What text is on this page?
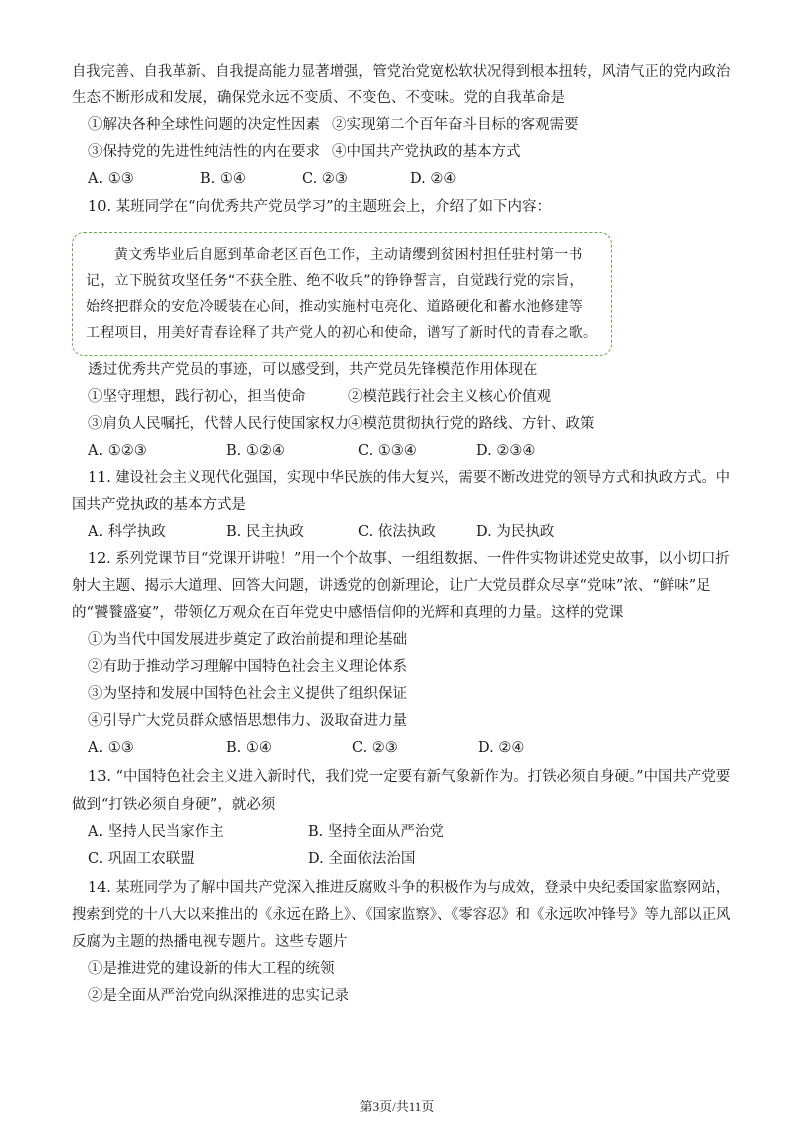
自我完善、自我革新、自我提高能力显著增强，管党治党宽松软状况得到根本扭转，风清气正的党内政治
生态不断形成和发展，确保党永远不变质、不变色、不变味。党的自我革命是
①解决各种全球性问题的决定性因素 ②实现第二个百年奋斗目标的客观需要
③保持党的先进性纯洁性的内在要求 ④中国共产党执政的基本方式
A. ①③	B. ①④	C. ②③	D. ②④
10. 某班同学在“向优秀共产党员学习”的主题班会上，介绍了如下内容：
黄文秀毕业后自愿到革命老区百色工作，主动请缨到贫困村担任驻村第一书
记，立下脱贫攻坚任务“不获全胜、绝不收兵”的铮铮誓言，自觉践行党的宗旨，
始终把群众的安危冷暖装在心间，推动实施村屯亮化、道路硬化和蓄水池修建等
工程项目，用美好青春诠释了共产党人的初心和使命，谱写了新时代的青春之歌。
透过优秀共产党员的事迹，可以感受到，共产党员先锋模范作用体现在
①坚守理想，践行初心，担当使命	②模范践行社会主义核心价值观
③肩负人民嘱托，代替人民行使国家权力 ④模范贯彻执行党的路线、方针、政策
A. ①②③	B. ①②④	C. ①③④	D. ②③④
11. 建设社会主义现代化强国，实现中华民族的伟大复兴，需要不断改进党的领导方式和执政方式。中
国共产党执政的基本方式是
A. 科学执政	B. 民主执政	C. 依法执政	D. 为民执政
12. 系列党课节目“党课开讲啦！”用一个个故事、一组组数据、一件件实物讲述党史故事，以小切口折
射大主题、揭示大道理、回答大问题，讲透党的创新理论，让广大党员群众尽享“党味”浓、“鲜味”足
的“饕餮盛宴”，带领亿万观众在百年党史中感悟信仰的光辉和真理的力量。这样的党课
①为当代中国发展进步奠定了政治前提和理论基础
②有助于推动学习理解中国特色社会主义理论体系
③为坚持和发展中国特色社会主义提供了组织保证
④引导广大党员群众感悟思想伟力、汲取奋进力量
A. ①③	B. ①④	C. ②③	D. ②④
13. “中国特色社会主义进入新时代，我们党一定要有新气象新作为。打铁必须自身硬。”中国共产党要
做到“打铁必须自身硬”，就必须
A. 坚持人民当家作主	B. 坚持全面从严治党
C. 巩固工农联盟	D. 全面依法治国
14. 某班同学为了解中国共产党深入推进反腐败斗争的积极作为与成效，登录中央纪委国家监察网站，
搜索到党的十八大以来推出的《永远在路上》、《国家监察》、《零容忍》和《永远吹冲锋号》等九部以正风
反腐为主题的热播电视专题片。这些专题片
①是推进党的建设新的伟大工程的统领
②是全面从严治党向纵深推进的忠实记录
第3页/共11页
